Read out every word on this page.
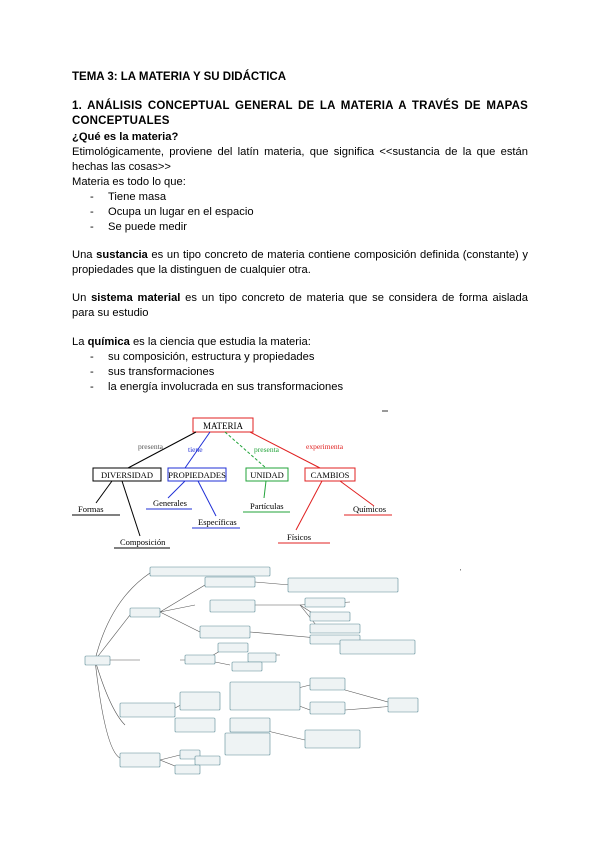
TEMA 3: LA MATERIA Y SU DIDÁCTICA
1. ANÁLISIS CONCEPTUAL GENERAL DE LA MATERIA A TRAVÉS DE MAPAS CONCEPTUALES
¿Qué es la materia?
Etimológicamente, proviene del latín materia, que significa <<sustancia de la que están hechas las cosas>>
Materia es todo lo que:
- Tiene masa
- Ocupa un lugar en el espacio
- Se puede medir
Una sustancia es un tipo concreto de materia contiene composición definida (constante) y propiedades que la distinguen de cualquier otra.
Un sistema material es un tipo concreto de materia que se considera de forma aislada para su estudio
La química es la ciencia que estudia la materia:
- su composición, estructura y propiedades
- sus transformaciones
- la energía involucrada en sus transformaciones
MATERIA
presenta	tiene	presenta	experimenta
DIVERSIDAD PROPIEDADES	UNIDAD	CAMBIOS
Formas
Composición
Generales
Específicas
Partículas	Químicos
Físicos
'
